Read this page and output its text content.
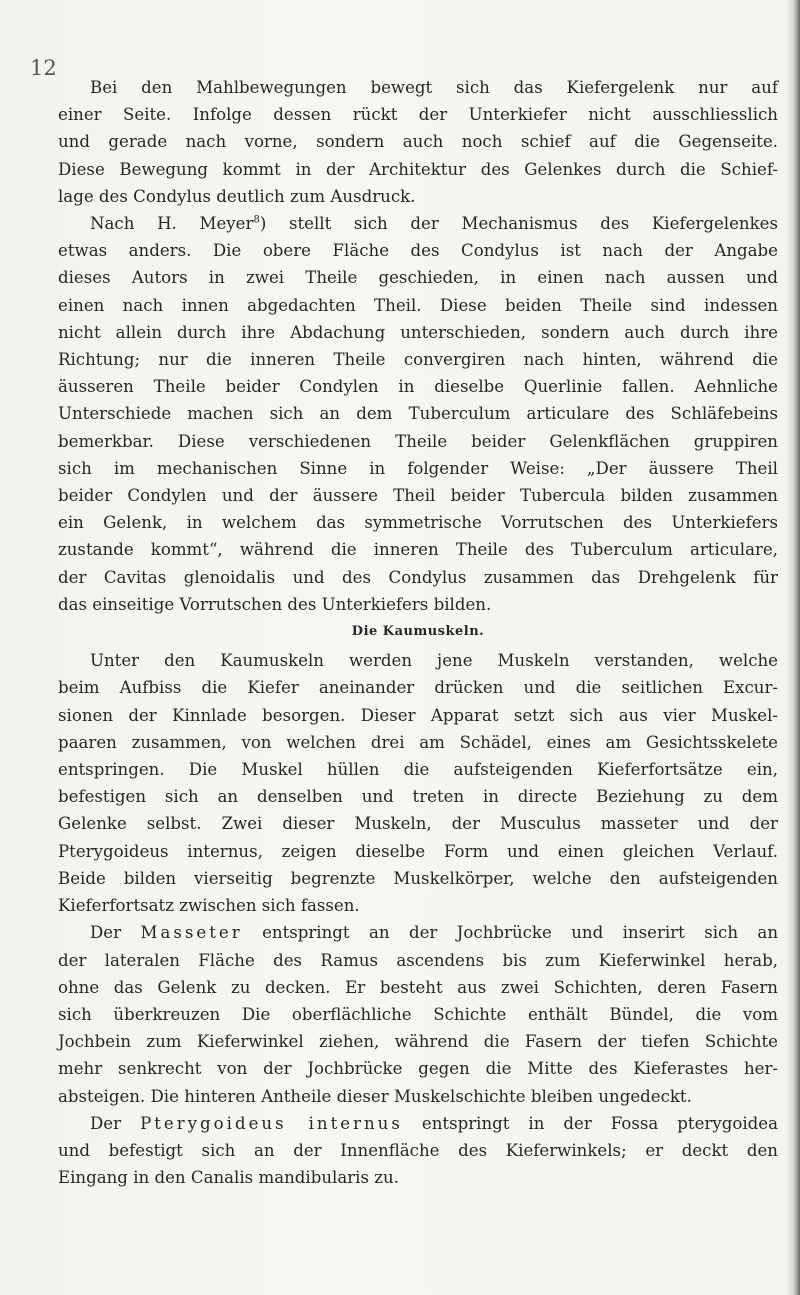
12
Bei den Mahlbewegungen bewegt sich das Kiefergelenk nur auf
einer Seite. Infolge dessen rückt der Unterkiefer nicht ausschliesslich
und gerade nach vorne, sondern auch noch schief auf die Gegenseite.
Diese Bewegung kommt in der Architektur des Gelenkes durch die Schief-
lage des Condylus deutlich zum Ausdruck.
Nach H. Meyer$^8$) stellt sich der Mechanismus des Kiefergelenkes
etwas anders. Die obere Fläche des Condylus ist nach der Angabe
dieses Autors in zwei Theile geschieden, in einen nach aussen und
einen nach innen abgedachten Theil. Diese beiden Theile sind indessen
nicht allein durch ihre Abdachung unterschieden, sondern auch durch ihre
Richtung; nur die inneren Theile convergiren nach hinten, während die
äusseren Theile beider Condylen in dieselbe Querlinie fallen. Aehnliche
Unterschiede machen sich an dem Tuberculum articulare des Schläfebeins
bemerkbar. Diese verschiedenen Theile beider Gelenkflächen gruppiren
sich im mechanischen Sinne in folgender Weise: „Der äussere Theil
beider Condylen und der äussere Theil beider Tubercula bilden zusammen
ein Gelenk, in welchem das symmetrische Vorrutschen des Unterkiefers
zustande kommt“, während die inneren Theile des Tuberculum articulare,
der Cavitas glenoidalis und des Condylus zusammen das Drehgelenk für
das einseitige Vorrutschen des Unterkiefers bilden.
Die Kaumuskeln.
Unter den Kaumuskeln werden jene Muskeln verstanden, welche
beim Aufbiss die Kiefer aneinander drücken und die seitlichen Excur-
sionen der Kinnlade besorgen. Dieser Apparat setzt sich aus vier Muskel-
paaren zusammen, von welchen drei am Schädel, eines am Gesichtsskelete
entspringen. Die Muskel hüllen die aufsteigenden Kieferfortsätze ein,
befestigen sich an denselben und treten in directe Beziehung zu dem
Gelenke selbst. Zwei dieser Muskeln, der Musculus masseter und der
Pterygoideus internus, zeigen dieselbe Form und einen gleichen Verlauf.
Beide bilden vierseitig begrenzte Muskelkörper, welche den aufsteigenden
Kieferfortsatz zwischen sich fassen.
Der Masseter entspringt an der Jochbrücke und inserirt sich an
der lateralen Fläche des Ramus ascendens bis zum Kieferwinkel herab,
ohne das Gelenk zu decken. Er besteht aus zwei Schichten, deren Fasern
sich überkreuzen Die oberflächliche Schichte enthält Bündel, die vom
Jochbein zum Kieferwinkel ziehen, während die Fasern der tiefen Schichte
mehr senkrecht von der Jochbrücke gegen die Mitte des Kieferastes her-
absteigen. Die hinteren Antheile dieser Muskelschichte bleiben ungedeckt.
Der Pterygoideus internus entspringt in der Fossa pterygoidea
und befestigt sich an der Innenfläche des Kieferwinkels; er deckt den
Eingang in den Canalis mandibularis zu.
